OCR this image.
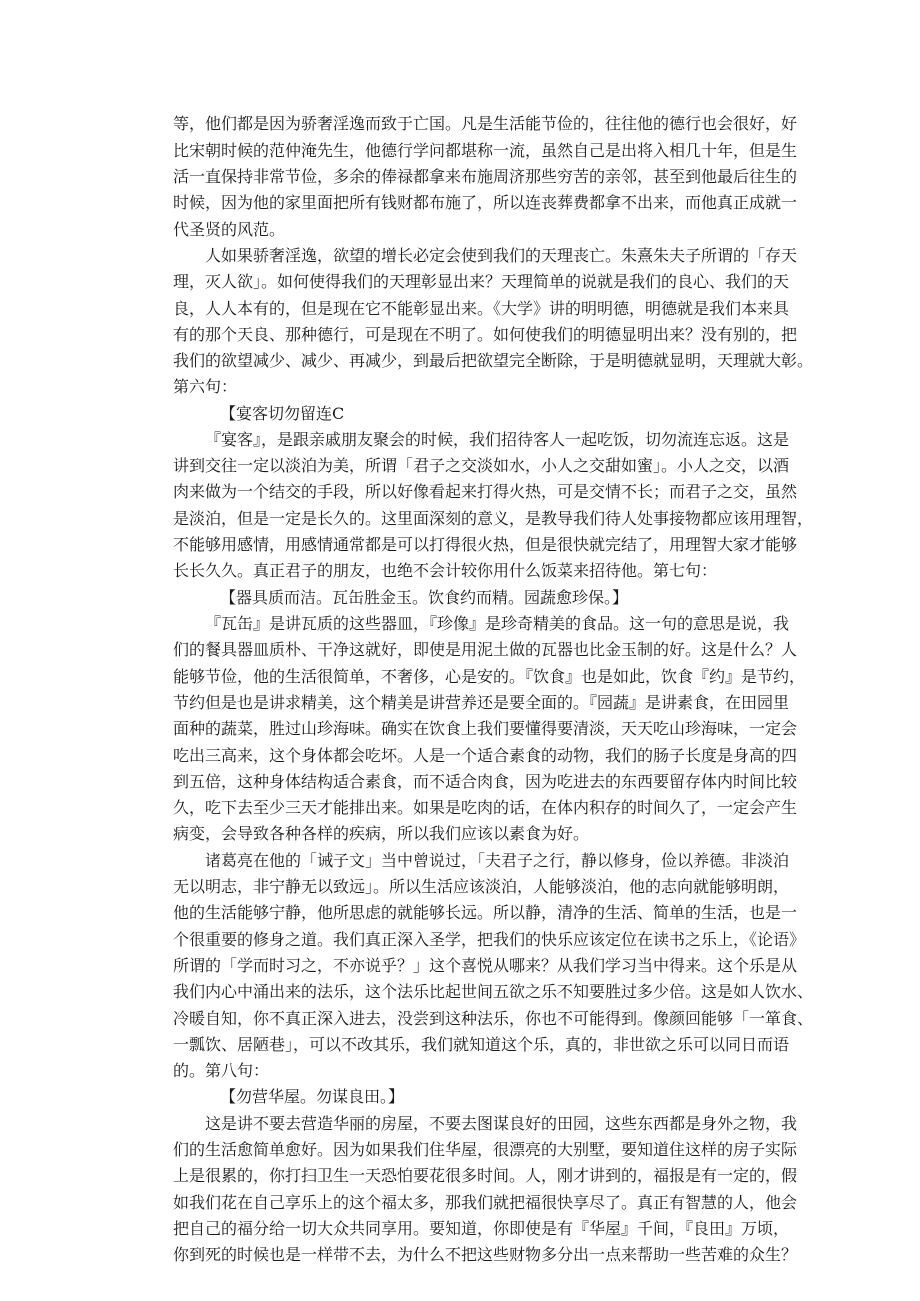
等，他们都是因为骄奢淫逸而致于亡国。凡是生活能节俭的，往往他的德行也会很好，好
比宋朝时候的范仲淹先生，他德行学问都堪称一流，虽然自己是出将入相几十年，但是生
活一直保持非常节俭，多余的俸禄都拿来布施周济那些穷苦的亲邻，甚至到他最后往生的
时候，因为他的家里面把所有钱财都布施了，所以连丧葬费都拿不出来，而他真正成就一
代圣贤的风范。
人如果骄奢淫逸，欲望的增长必定会使到我们的天理丧亡。朱熹朱夫子所谓的「存天
理，灭人欲」。如何使得我们的天理彰显出来？天理简单的说就是我们的良心、我们的天
良，人人本有的，但是现在它不能彰显出来。《大学》讲的明明德，明德就是我们本来具
有的那个天良、那种德行，可是现在不明了。如何使我们的明德显明出来？没有别的，把
我们的欲望减少、减少、再减少，到最后把欲望完全断除，于是明德就显明，天理就大彰。
第六句：
【宴客切勿留连C
『宴客』，是跟亲戚朋友聚会的时候，我们招待客人一起吃饭，切勿流连忘返。这是
讲到交往一定以淡泊为美，所谓「君子之交淡如水，小人之交甜如蜜」。小人之交，以酒
肉来做为一个结交的手段，所以好像看起来打得火热，可是交情不长；而君子之交，虽然
是淡泊，但是一定是长久的。这里面深刻的意义，是教导我们待人处事接物都应该用理智，
不能够用感情，用感情通常都是可以打得很火热，但是很快就完结了，用理智大家才能够
长长久久。真正君子的朋友，也绝不会计较你用什么饭菜来招待他。第七句：
【器具质而洁。瓦缶胜金玉。饮食约而精。园蔬愈珍保。】
『瓦缶』是讲瓦质的这些器皿，『珍像』是珍奇精美的食品。这一句的意思是说，我
们的餐具器皿质朴、干净这就好，即使是用泥土做的瓦器也比金玉制的好。这是什么？人
能够节俭，他的生活很简单，不奢侈，心是安的。『饮食』也是如此，饮食『约』是节约，
节约但是也是讲求精美，这个精美是讲营养还是要全面的。『园蔬』是讲素食，在田园里
面种的蔬菜，胜过山珍海味。确实在饮食上我们要懂得要清淡，天天吃山珍海味，一定会
吃出三高来，这个身体都会吃坏。人是一个适合素食的动物，我们的肠子长度是身高的四
到五倍，这种身体结构适合素食，而不适合肉食，因为吃进去的东西要留存体内时间比较
久，吃下去至少三天才能排出来。如果是吃肉的话，在体内积存的时间久了，一定会产生
病变，会导致各种各样的疾病，所以我们应该以素食为好。
诸葛亮在他的「诫子文」当中曾说过，「夫君子之行，静以修身，俭以养德。非淡泊
无以明志，非宁静无以致远」。所以生活应该淡泊，人能够淡泊，他的志向就能够明朗，
他的生活能够宁静，他所思虑的就能够长远。所以静，清净的生活、简单的生活，也是一
个很重要的修身之道。我们真正深入圣学，把我们的快乐应该定位在读书之乐上，《论语》
所谓的「学而时习之，不亦说乎？」这个喜悦从哪来？从我们学习当中得来。这个乐是从
我们内心中涌出来的法乐，这个法乐比起世间五欲之乐不知要胜过多少倍。这是如人饮水、
冷暖自知，你不真正深入进去，没尝到这种法乐，你也不可能得到。像颜回能够「一箪食、
一瓢饮、居陋巷」，可以不改其乐，我们就知道这个乐，真的，非世欲之乐可以同日而语
的。第八句：
【勿营华屋。勿谋良田。】
这是讲不要去营造华丽的房屋，不要去图谋良好的田园，这些东西都是身外之物，我
们的生活愈简单愈好。因为如果我们住华屋，很漂亮的大别墅，要知道住这样的房子实际
上是很累的，你打扫卫生一天恐怕要花很多时间。人，刚才讲到的，福报是有一定的，假
如我们花在自己享乐上的这个福太多，那我们就把福很快享尽了。真正有智慧的人，他会
把自己的福分给一切大众共同享用。要知道，你即使是有『华屋』千间，『良田』万顷，
你到死的时候也是一样带不去，为什么不把这些财物多分出一点来帮助一些苦难的众生？
